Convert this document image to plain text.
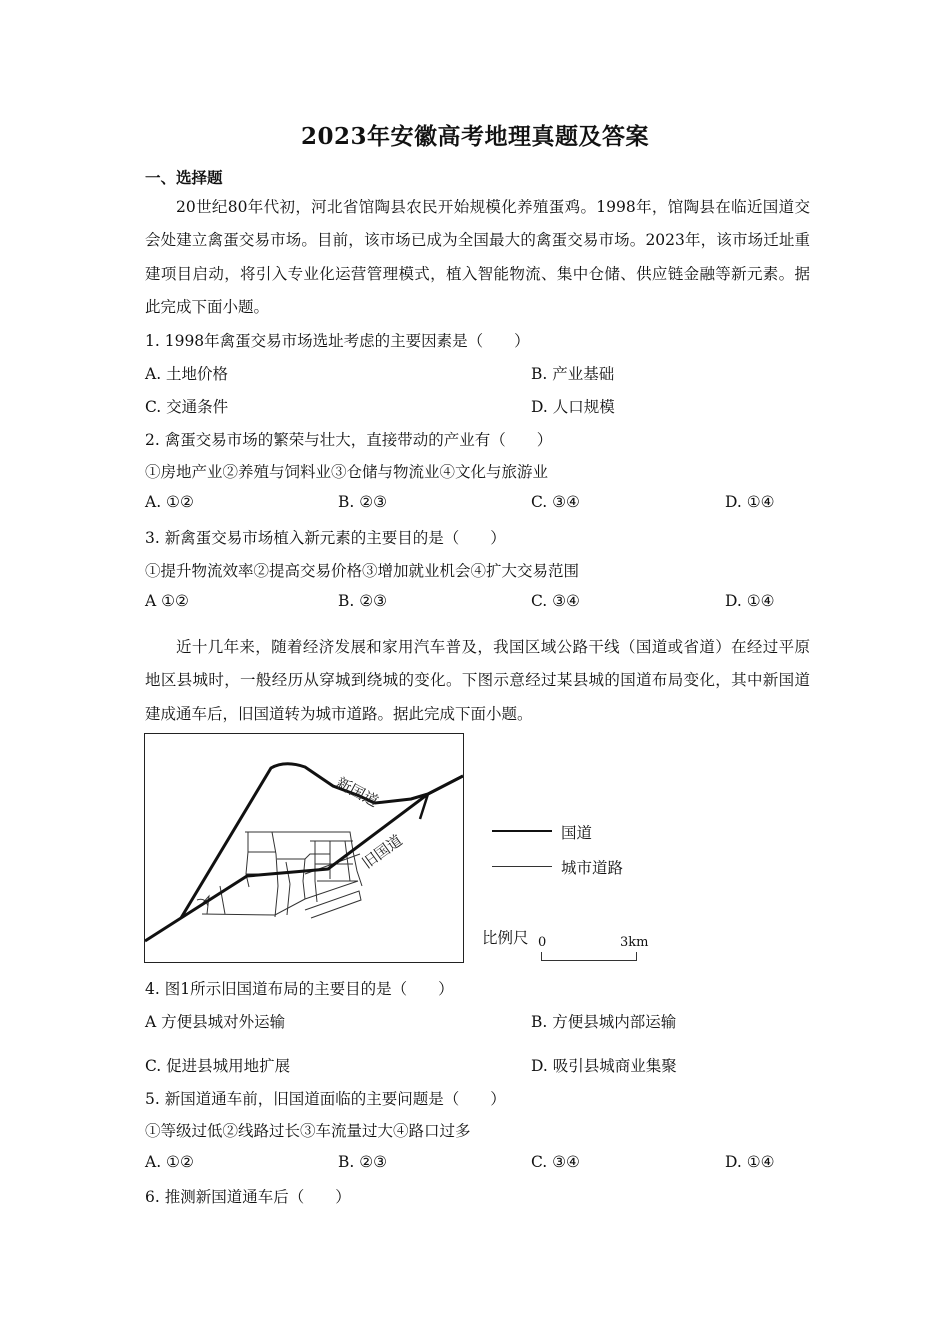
2023年安徽高考地理真题及答案
一、选择题
20世纪80年代初，河北省馆陶县农民开始规模化养殖蛋鸡。1998年，馆陶县在临近国道交会处建立禽蛋交易市场。目前，该市场已成为全国最大的禽蛋交易市场。2023年，该市场迁址重建项目启动，将引入专业化运营管理模式，植入智能物流、集中仓储、供应链金融等新元素。据此完成下面小题。
1. 1998年禽蛋交易市场选址考虑的主要因素是（　　）
A. 土地价格	B. 产业基础
C. 交通条件	D. 人口规模
2. 禽蛋交易市场的繁荣与壮大，直接带动的产业有（　　）
①房地产业②养殖与饲料业③仓储与物流业④文化与旅游业
A. ①②	B. ②③	C. ③④	D. ①④
3. 新禽蛋交易市场植入新元素的主要目的是（　　）
①提升物流效率②提高交易价格③增加就业机会④扩大交易范围
A ①②	B. ②③	C. ③④	D. ①④
近十几年来，随着经济发展和家用汽车普及，我国区域公路干线（国道或省道）在经过平原地区县城时，一般经历从穿城到绕城的变化。下图示意经过某县城的国道布局变化，其中新国道建成通车后，旧国道转为城市道路。据此完成下面小题。
新国道
旧国道	国道
城市道路
比例尺 0	3km
4. 图1所示旧国道布局的主要目的是（　　）
A 方便县城对外运输	B. 方便县城内部运输
C. 促进县城用地扩展	D. 吸引县城商业集聚
5. 新国道通车前，旧国道面临的主要问题是（　　）
①等级过低②线路过长③车流量过大④路口过多
A. ①②	B. ②③	C. ③④	D. ①④
6. 推测新国道通车后（　　）
